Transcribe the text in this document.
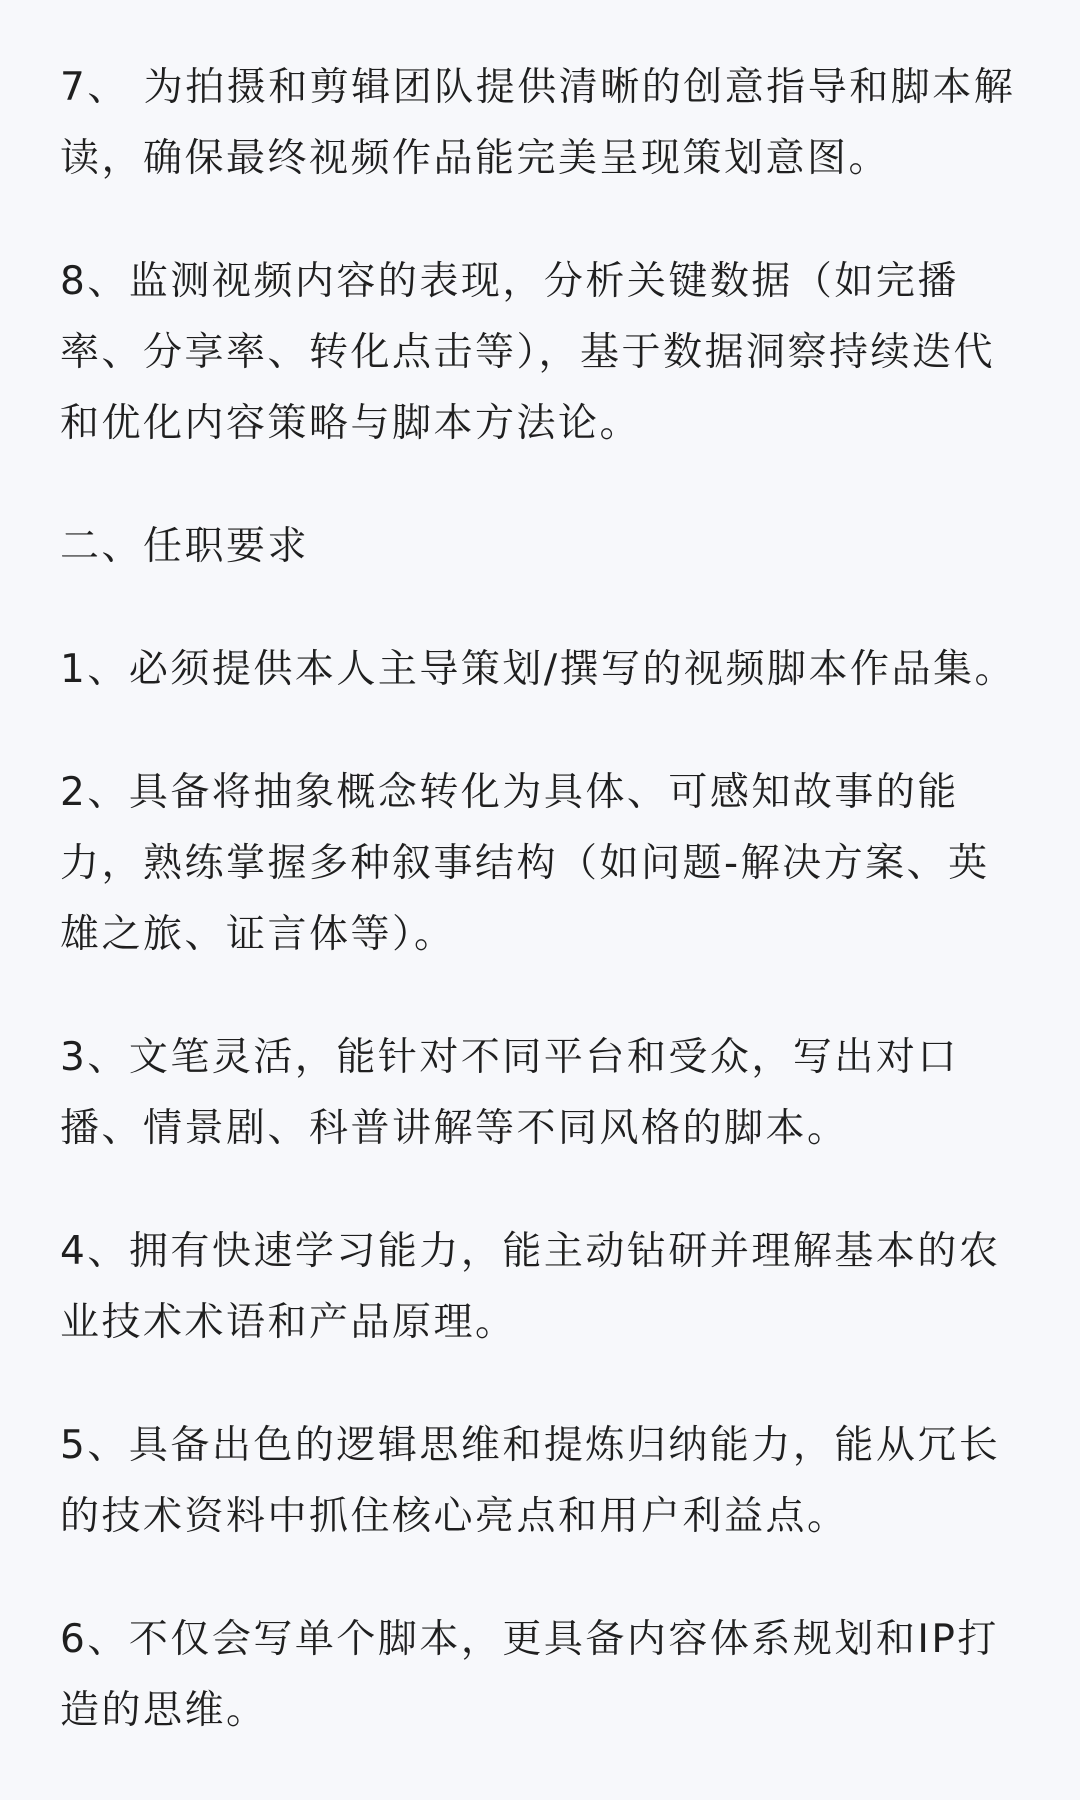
7、 为拍摄和剪辑团队提供清晰的创意指导和脚本解读，确保最终视频作品能完美呈现策划意图。

8、监测视频内容的表现，分析关键数据（如完播率、分享率、转化点击等），基于数据洞察持续迭代和优化内容策略与脚本方法论。

二、任职要求

1、必须提供本人主导策划/撰写的视频脚本作品集。

2、具备将抽象概念转化为具体、可感知故事的能力，熟练掌握多种叙事结构（如问题-解决方案、英雄之旅、证言体等）。

3、文笔灵活，能针对不同平台和受众，写出对口播、情景剧、科普讲解等不同风格的脚本。

4、拥有快速学习能力，能主动钻研并理解基本的农业技术术语和产品原理。

5、具备出色的逻辑思维和提炼归纳能力，能从冗长的技术资料中抓住核心亮点和用户利益点。

6、不仅会写单个脚本，更具备内容体系规划和IP打造的思维。
